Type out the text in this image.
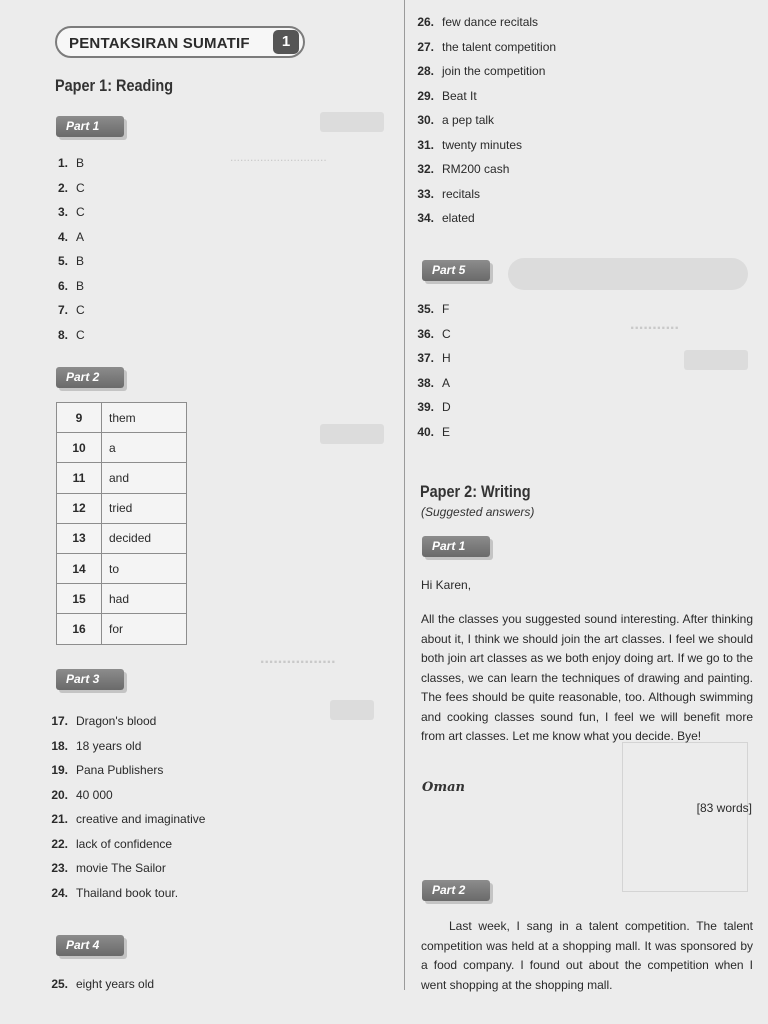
.............................
.................
...........
PENTAKSIRAN SUMATIF	1
Paper 1: Reading
Part 1
1. B
2. C
3. C
4. A
5. B
6. B
7. C
8. C
Part 2
9	them
10	a
11	and
12	tried
13	decided
14	to
15	had
16	for
Part 3
17. Dragon's blood
18. 18 years old
19. Pana Publishers
20. 40 000
21. creative and imaginative
22. lack of confidence
23. movie The Sailor
24. Thailand book tour.
Part 4
25. eight years old
26. few dance recitals
27. the talent competition
28. join the competition
29. Beat It
30. a pep talk
31. twenty minutes
32. RM200 cash
33. recitals
34. elated
Part 5
35. F
36. C
37. H
38. A
39. D
40. E
Paper 2: Writing
(Suggested answers)
Part 1
Hi Karen,
All the classes you suggested sound interesting. After thinking about it, I think we should join the art classes. I feel we should both join art classes as we both enjoy doing art. If we go to the classes, we can learn the techniques of drawing and painting. The fees should be quite reasonable, too. Although swimming and cooking classes sound fun, I feel we will benefit more from art classes. Let me know what you decide. Bye!
Oman
[83 words]
Part 2
Last week, I sang in a talent competition. The talent competition was held at a shopping mall. It was sponsored by a food company. I found out about the competition when I went shopping at the shopping mall.
